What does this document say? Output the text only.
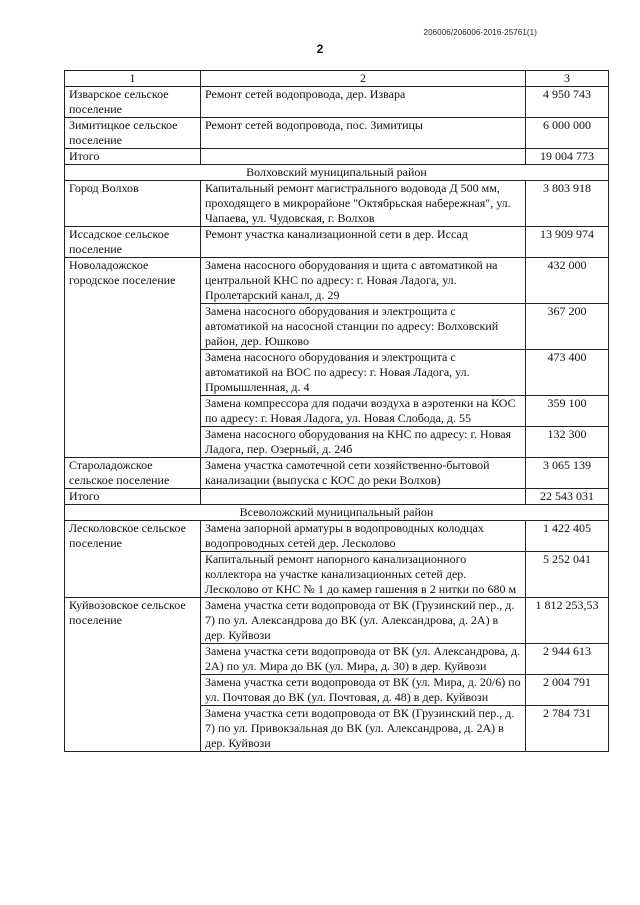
206006/206006-2016-25761(1)
2
1	2	3
Изварское сельское поселение	Ремонт сетей водопровода, дер. Извара	4 950 743
Зимитицкое сельское поселение	Ремонт сетей водопровода, пос. Зимитицы	6 000 000
Итого		19 004 773
Волховский муниципальный район		
Город Волхов	Капитальный ремонт магистрального водовода Д 500 мм, проходящего в микрорайоне "Октябрьская набережная", ул. Чапаева, ул. Чудовская, г. Волхов	3 803 918
Иссадское сельское поселение	Ремонт участка канализационной сети в дер. Иссад	13 909 974
Новоладожское городское поселение	Замена насосного оборудования и щита с автоматикой на центральной КНС по адресу: г. Новая Ладога, ул. Пролетарский канал, д. 29	432 000
	Замена насосного оборудования и электрощита с автоматикой на насосной станции по адресу: Волховский район, дер. Юшково	367 200
	Замена насосного оборудования и электрощита с автоматикой на ВОС по адресу: г. Новая Ладога, ул. Промышленная, д. 4	473 400
	Замена компрессора для подачи воздуха в аэротенки на КОС по адресу: г. Новая Ладога, ул. Новая Слобода, д. 55	359 100
	Замена насосного оборудования на КНС по адресу: г. Новая Ладога, пер. Озерный, д. 24б	132 300
Староладожское сельское поселение	Замена участка самотечной сети хозяйственно-бытовой канализации (выпуска с КОС до реки Волхов)	3 065 139
Итого		22 543 031
Всеволожский муниципальный район		
Лесколовское сельское поселение	Замена запорной арматуры в водопроводных колодцах водопроводных сетей дер. Лесколово	1 422 405
	Капитальный ремонт напорного канализационного коллектора на участке канализационных сетей дер. Лесколово от КНС № 1 до камер гашения в 2 нитки по 680 м	5 252 041
Куйвозовское сельское поселение	Замена участка сети водопровода от ВК (Грузинский пер., д. 7) по ул. Александрова до ВК (ул. Александрова, д. 2А) в дер. Куйвози	1 812 253,53
	Замена участка сети водопровода от ВК (ул. Александрова, д. 2А) по ул. Мира до ВК (ул. Мира, д. 30) в дер. Куйвози	2 944 613
	Замена участка сети водопровода от ВК (ул. Мира, д. 20/6) по ул. Почтовая до ВК (ул. Почтовая, д. 48) в дер. Куйвози	2 004 791
	Замена участка сети водопровода от ВК (Грузинский пер., д. 7) по ул. Привокзальная до ВК (ул. Александрова, д. 2А) в дер. Куйвози	2 784 731
